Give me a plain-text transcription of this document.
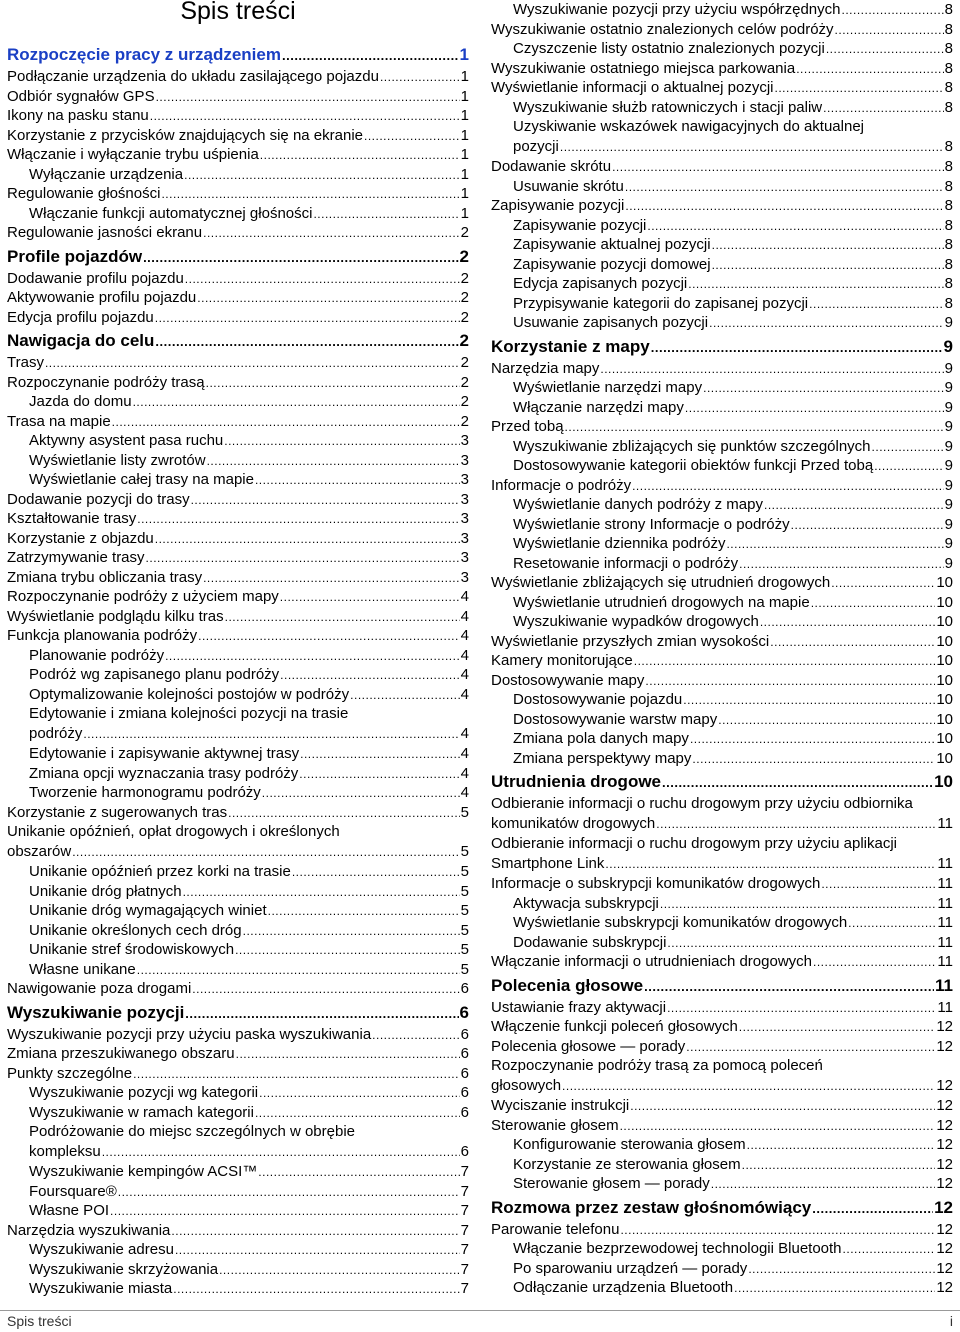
Spis treści
Rozpoczęcie pracy z urządzeniem .....	1
Podłączanie urządzenia do układu zasilającego pojazdu .....	1
Odbiór sygnałów GPS .....	1
Ikony na pasku stanu .....	1
Korzystanie z przycisków znajdujących się na ekranie .....	1
Włączanie i wyłączanie trybu uśpienia .....	1
Wyłączanie urządzenia .....	1
Regulowanie głośności .....	1
Włączanie funkcji automatycznej głośności .....	1
Regulowanie jasności ekranu .....	2
Profile pojazdów .....	2
Dodawanie profilu pojazdu .....	2
Aktywowanie profilu pojazdu .....	2
Edycja profilu pojazdu .....	2
Nawigacja do celu .....	2
Trasy .....	2
Rozpoczynanie podróży trasą .....	2
Jazda do domu .....	2
Trasa na mapie .....	2
Aktywny asystent pasa ruchu .....	3
Wyświetlanie listy zwrotów .....	3
Wyświetlanie całej trasy na mapie .....	3
Dodawanie pozycji do trasy .....	3
Kształtowanie trasy .....	3
Korzystanie z objazdu .....	3
Zatrzymywanie trasy .....	3
Zmiana trybu obliczania trasy .....	3
Rozpoczynanie podróży z użyciem mapy .....	4
Wyświetlanie podglądu kilku tras .....	4
Funkcja planowania podróży .....	4
Planowanie podróży .....	4
Podróż wg zapisanego planu podróży .....	4
Optymalizowanie kolejności postojów w podróży .....	4
Edytowanie i zmiana kolejności pozycji na trasie
podróży .....	4
Edytowanie i zapisywanie aktywnej trasy .....	4
Zmiana opcji wyznaczania trasy podróży .....	4
Tworzenie harmonogramu podróży .....	4
Korzystanie z sugerowanych tras .....	5
Unikanie opóźnień, opłat drogowych i określonych
obszarów .....	5
Unikanie opóźnień przez korki na trasie .....	5
Unikanie dróg płatnych .....	5
Unikanie dróg wymagających winiet .....	5
Unikanie określonych cech dróg .....	5
Unikanie stref środowiskowych .....	5
Własne unikane .....	5
Nawigowanie poza drogami .....	6
Wyszukiwanie pozycji .....	6
Wyszukiwanie pozycji przy użyciu paska wyszukiwania .....	6
Zmiana przeszukiwanego obszaru .....	6
Punkty szczególne .....	6
Wyszukiwanie pozycji wg kategorii .....	6
Wyszukiwanie w ramach kategorii .....	6
Podróżowanie do miejsc szczególnych w obrębie
kompleksu .....	6
Wyszukiwanie kempingów ACSI™ .....	7
Foursquare® .....	7
Własne POI .....	7
Narzędzia wyszukiwania .....	7
Wyszukiwanie adresu .....	7
Wyszukiwanie skrzyżowania .....	7
Wyszukiwanie miasta .....	7
Wyszukiwanie pozycji przy użyciu współrzędnych .....	8
Wyszukiwanie ostatnio znalezionych celów podróży .....	8
Czyszczenie listy ostatnio znalezionych pozycji .....	8
Wyszukiwanie ostatniego miejsca parkowania .....	8
Wyświetlanie informacji o aktualnej pozycji .....	8
Wyszukiwanie służb ratowniczych i stacji paliw .....	8
Uzyskiwanie wskazówek nawigacyjnych do aktualnej
pozycji .....	8
Dodawanie skrótu .....	8
Usuwanie skrótu .....	8
Zapisywanie pozycji .....	8
Zapisywanie pozycji .....	8
Zapisywanie aktualnej pozycji .....	8
Zapisywanie pozycji domowej .....	8
Edycja zapisanych pozycji .....	8
Przypisywanie kategorii do zapisanej pozycji .....	8
Usuwanie zapisanych pozycji .....	9
Korzystanie z mapy .....	9
Narzędzia mapy .....	9
Wyświetlanie narzędzi mapy .....	9
Włączanie narzędzi mapy .....	9
Przed tobą .....	9
Wyszukiwanie zbliżających się punktów szczególnych .....	9
Dostosowywanie kategorii obiektów funkcji Przed tobą .....	9
Informacje o podróży .....	9
Wyświetlanie danych podróży z mapy .....	9
Wyświetlanie strony Informacje o podróży .....	9
Wyświetlanie dziennika podróży .....	9
Resetowanie informacji o podróży .....	9
Wyświetlanie zbliżających się utrudnień drogowych .....	10
Wyświetlanie utrudnień drogowych na mapie .....	10
Wyszukiwanie wypadków drogowych .....	10
Wyświetlanie przyszłych zmian wysokości .....	10
Kamery monitorujące .....	10
Dostosowywanie mapy .....	10
Dostosowywanie pojazdu .....	10
Dostosowywanie warstw mapy .....	10
Zmiana pola danych mapy .....	10
Zmiana perspektywy mapy .....	10
Utrudnienia drogowe .....	10
Odbieranie informacji o ruchu drogowym przy użyciu odbiornika
komunikatów drogowych .....	11
Odbieranie informacji o ruchu drogowym przy użyciu aplikacji
Smartphone Link .....	11
Informacje o subskrypcji komunikatów drogowych .....	11
Aktywacja subskrypcji .....	11
Wyświetlanie subskrypcji komunikatów drogowych .....	11
Dodawanie subskrypcji .....	11
Włączanie informacji o utrudnieniach drogowych .....	11
Polecenia głosowe .....	11
Ustawianie frazy aktywacji .....	11
Włączenie funkcji poleceń głosowych .....	12
Polecenia głosowe — porady .....	12
Rozpoczynanie podróży trasą za pomocą poleceń
głosowych .....	12
Wyciszanie instrukcji .....	12
Sterowanie głosem .....	12
Konfigurowanie sterowania głosem .....	12
Korzystanie ze sterowania głosem .....	12
Sterowanie głosem — porady .....	12
Rozmowa przez zestaw głośnomówiący .....	12
Parowanie telefonu .....	12
Włączanie bezprzewodowej technologii Bluetooth .....	12
Po sparowaniu urządzeń — porady .....	12
Odłączanie urządzenia Bluetooth .....	12
Spis treści	i
